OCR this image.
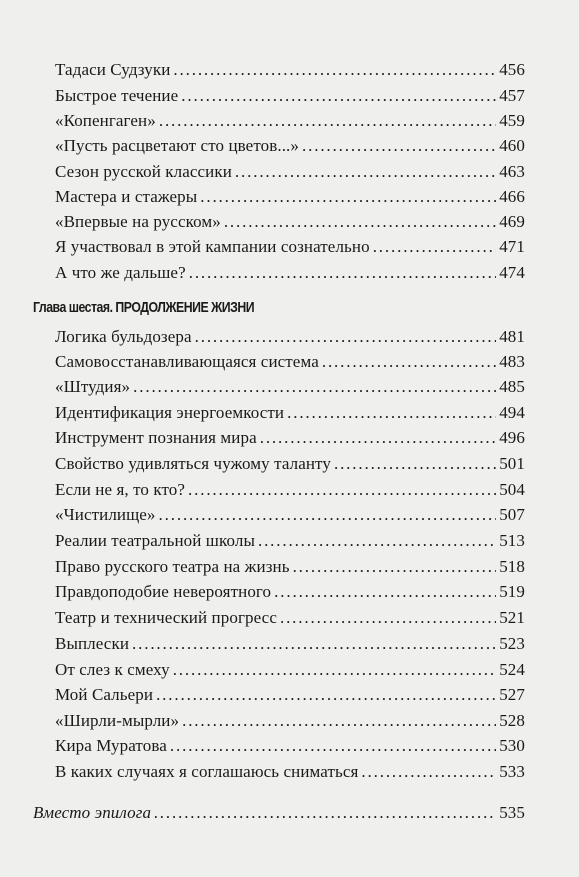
Тадаси Судзуки . . .	456
Быстрое течение . . .	457
«Копенгаген» . . .	459
«Пусть расцветают сто цветов...» . . .	460
Сезон русской классики . . .	463
Мастера и стажеры . . .	466
«Впервые на русском» . . .	469
Я участвовал в этой кампании сознательно . . .	471
А что же дальше? . . .	474
Глава шестая. ПРОДОЛЖЕНИЕ ЖИЗНИ
Логика бульдозера . . .	481
Самовосстанавливающаяся система . . .	483
«Штудия» . . .	485
Идентификация энергоемкости . . .	494
Инструмент познания мира . . .	496
Свойство удивляться чужому таланту . . .	501
Если не я, то кто? . . .	504
«Чистилище» . . .	507
Реалии театральной школы . . .	513
Право русского театра на жизнь . . .	518
Правдоподобие невероятного . . .	519
Театр и технический прогресс . . .	521
Выплески . . .	523
От слез к смеху . . .	524
Мой Сальери . . .	527
«Ширли-мырли» . . .	528
Кира Муратова . . .	530
В каких случаях я соглашаюсь сниматься . . .	533
Вместо эпилога . . .	535
